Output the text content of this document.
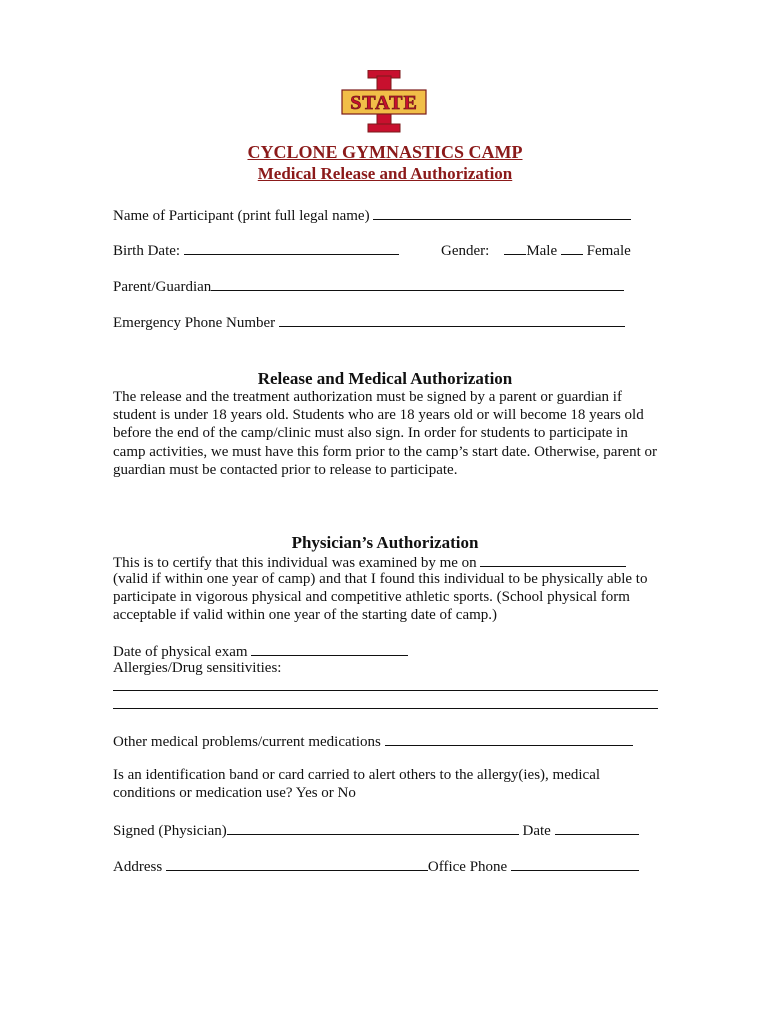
STATE
CYCLONE GYMNASTICS CAMP
Medical Release and Authorization
Name of Participant (print full legal name)
Birth Date:	Gender: Male Female
Parent/Guardian
Emergency Phone Number
Release and Medical Authorization
The release and the treatment authorization must be signed by a parent or guardian if student is under 18 years old. Students who are 18 years old or will become 18 years old before the end of the camp/clinic must also sign. In order for students to participate in camp activities, we must have this form prior to the camp’s start date. Otherwise, parent or guardian must be contacted prior to release to participate.
Physician’s Authorization
This is to certify that this individual was examined by me on
(valid if within one year of camp) and that I found this individual to be physically able to participate in vigorous physical and competitive athletic sports. (School physical form acceptable if valid within one year of the starting date of camp.)
Date of physical exam
Allergies/Drug sensitivities:
Other medical problems/current medications
Is an identification band or card carried to alert others to the allergy(ies), medical conditions or medication use? Yes or No
Signed (Physician)	Date
Address	Office Phone
